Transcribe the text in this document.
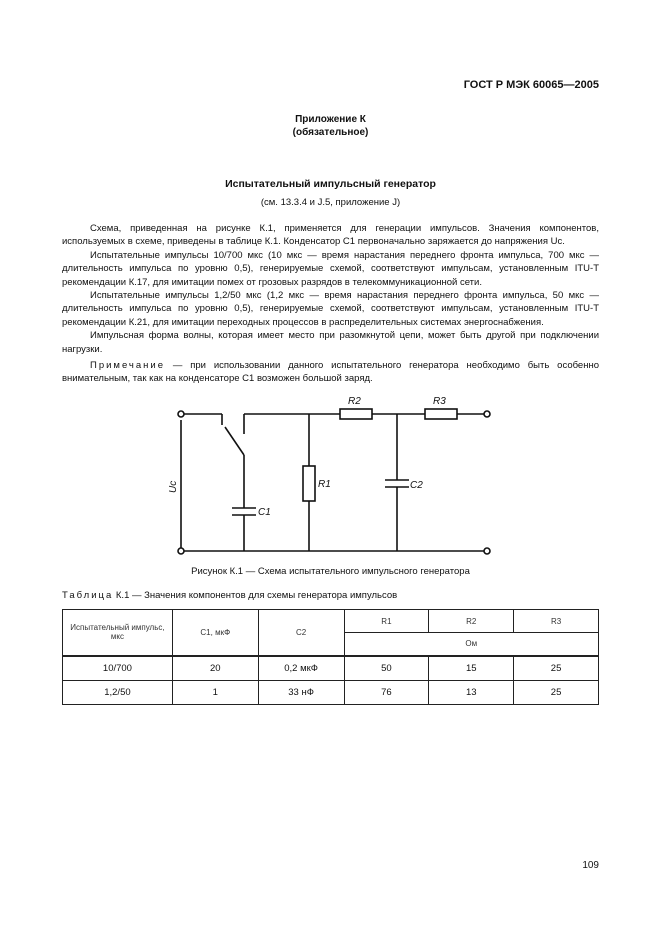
ГОСТ Р МЭК 60065—2005
Приложение К
(обязательное)
Испытательный импульсный генератор
(см. 13.3.4 и J.5, приложение J)

Схема, приведенная на рисунке К.1, применяется для генерации импульсов. Значения компонентов, используемых в схеме, приведены в таблице К.1. Конденсатор C1 первоначально заряжается до напряжения Uc.

Испытательные импульсы 10/700 мкс (10 мкс — время нарастания переднего фронта импульса, 700 мкс — длительность импульса по уровню 0,5), генерируемые схемой, соответствуют импульсам, установленным ITU-T рекомендации К.17, для имитации помех от грозовых разрядов в телекоммуникационной сети.

Испытательные импульсы 1,2/50 мкс (1,2 мкс — время нарастания переднего фронта импульса, 50 мкс — длительность импульса по уровню 0,5), генерируемые схемой, соответствуют импульсам, установленным ITU-T рекомендации К.21, для имитации переходных процессов в распределительных системах энергоснабжения.

Импульсная форма волны, которая имеет место при разомкнутой цепи, может быть другой при подключении нагрузки.

Примечание — при использовании данного испытательного генератора необходимо быть особенно внимательным, так как на конденсаторе C1 возможен большой заряд.

Uc
C1
R1	C2
R2	R3
Рисунок К.1 — Схема испытательного импульсного генератора
Таблица К.1 — Значения компонентов для схемы генератора импульсов
Испытательный импульс, мкс	C1, мкФ	C2	R1	R2	R3
			Ом		
10/700	20	0,2 мкФ	50	15	25
1,2/50	1	33 нФ	76	13	25
109
